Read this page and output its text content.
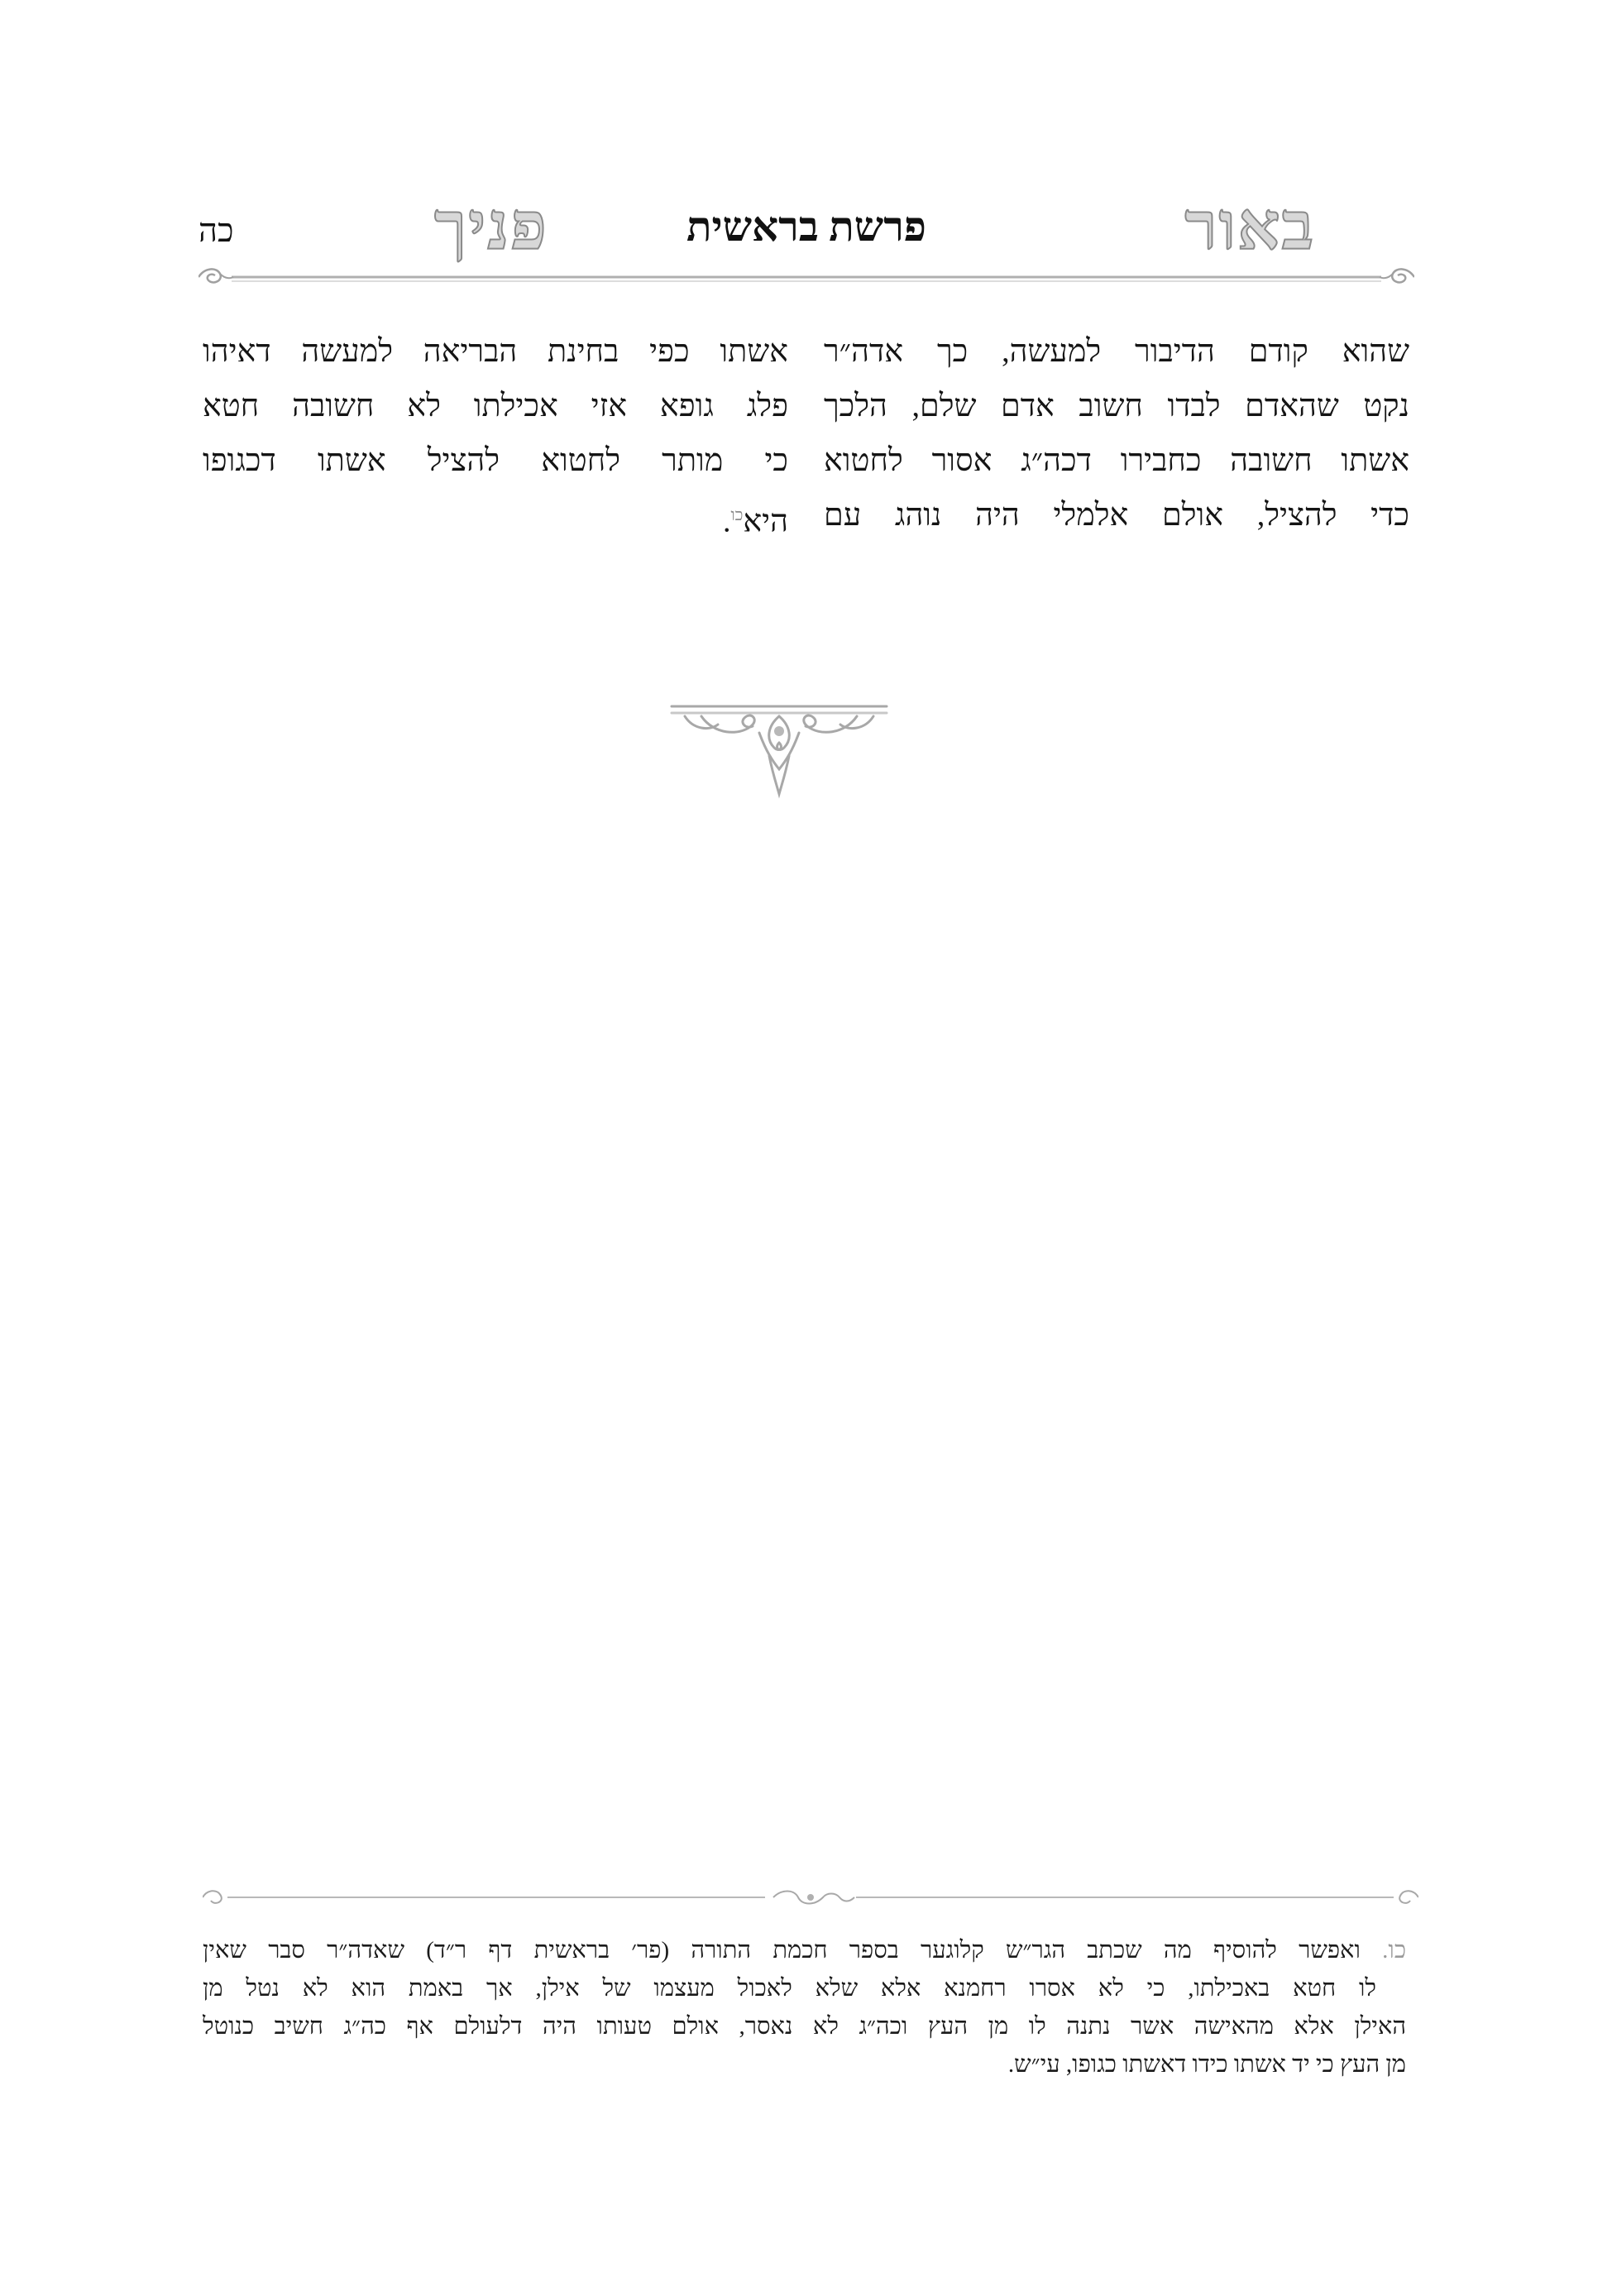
באור
פרשת בראשית
פניך
כה
שהוא קודם הדיבור למעשה, כך אדה״ר
נקט שהאדם לבדו חשוב אדם שלם, הלכך
אשתו חשובה כחבירו דכה״ג אסור לחטוא
כדי להציל, אולם אלמלי היה נוהג עם
אשתו כפי בחינת הבריאה למעשה דאיהו
פלג גופא אזי אכילתו לא חשובה חטא
כי מותר לחטוא להציל אשתו דכגופו
היא$^{כו}$.
כו. ואפשר להוסיף מה שכתב הגר״ש קלוגער בספר חכמת התורה (פר׳ בראשית דף ר״ד) שאדה״ר סבר שאין
לו חטא באכילתו, כי לא אסרו רחמנא אלא שלא לאכול מעצמו של אילן, אך באמת הוא לא נטל מן
האילן אלא מהאישה אשר נתנה לו מן העץ וכה״ג לא נאסר, אולם טעותו היה דלעולם אף כה״ג חשיב כנוטל
מן העץ כי יד אשתו כידו דאשתו כגופו, עי״ש.
